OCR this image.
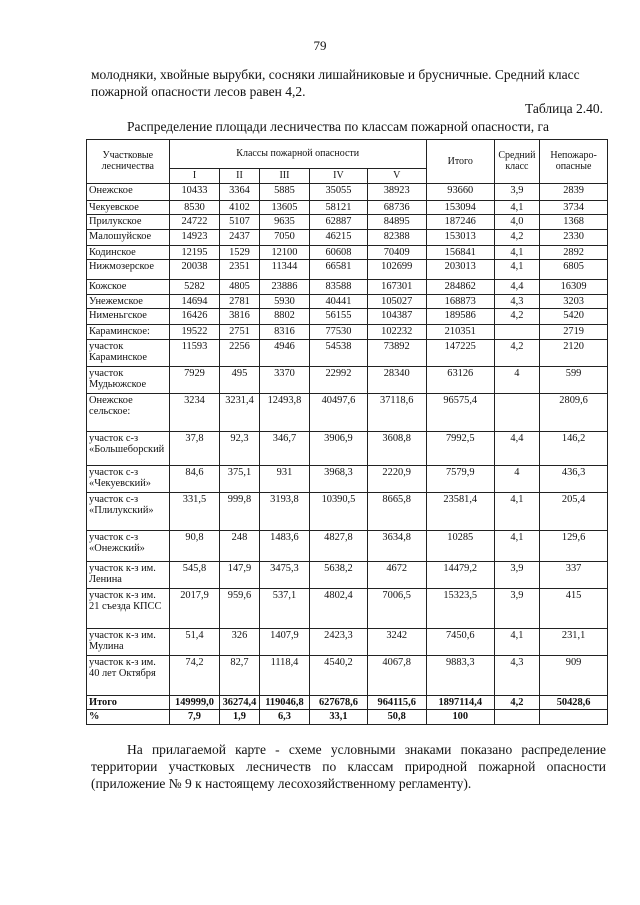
79
молодняки, хвойные вырубки, сосняки лишайниковые и брусничные. Средний класс пожарной опасности лесов равен 4,2.
Таблица 2.40.
Распределение площади лесничества по классам пожарной опасности, га
Участковые лесничества	Классы пожарной опасности					Итого	Средний класс	Непожаро-опасные
	I	II	III	IV	V			
Онежское	10433	3364	5885	35055	38923	93660	3,9	2839
Чекуевское	8530	4102	13605	58121	68736	153094	4,1	3734
Прилукское	24722	5107	9635	62887	84895	187246	4,0	1368
Малошуйское	14923	2437	7050	46215	82388	153013	4,2	2330
Кодинское	12195	1529	12100	60608	70409	156841	4,1	2892
Нижмозерское	20038	2351	11344	66581	102699	203013	4,1	6805
Кожское	5282	4805	23886	83588	167301	284862	4,4	16309
Унежемское	14694	2781	5930	40441	105027	168873	4,3	3203
Нименьгское	16426	3816	8802	56155	104387	189586	4,2	5420
Караминское:	19522	2751	8316	77530	102232	210351		2719
участок Караминское	11593	2256	4946	54538	73892	147225	4,2	2120
участок Мудьюжское	7929	495	3370	22992	28340	63126	4	599
Онежское сельское:	3234	3231,4	12493,8	40497,6	37118,6	96575,4		2809,6
участок с-з «Большеборский	37,8	92,3	346,7	3906,9	3608,8	7992,5	4,4	146,2
участок с-з «Чекуевский»	84,6	375,1	931	3968,3	2220,9	7579,9	4	436,3
участок с-з «Плилукский»	331,5	999,8	3193,8	10390,5	8665,8	23581,4	4,1	205,4
участок с-з «Онежский»	90,8	248	1483,6	4827,8	3634,8	10285	4,1	129,6
участок к-з им. Ленина	545,8	147,9	3475,3	5638,2	4672	14479,2	3,9	337
участок к-з им. 21 съезда КПСС	2017,9	959,6	537,1	4802,4	7006,5	15323,5	3,9	415
участок к-з им. Мулина	51,4	326	1407,9	2423,3	3242	7450,6	4,1	231,1
участок к-з им. 40 лет Октября	74,2	82,7	1118,4	4540,2	4067,8	9883,3	4,3	909
Итого	149999,0	36274,4	119046,8	627678,6	964115,6	1897114,4	4,2	50428,6
%	7,9	1,9	6,3	33,1	50,8	100		

На прилагаемой карте - схеме условными знаками показано распределение территории участковых лесничеств по классам природной пожарной опасности (приложение № 9 к настоящему лесохозяйственному регламенту).
